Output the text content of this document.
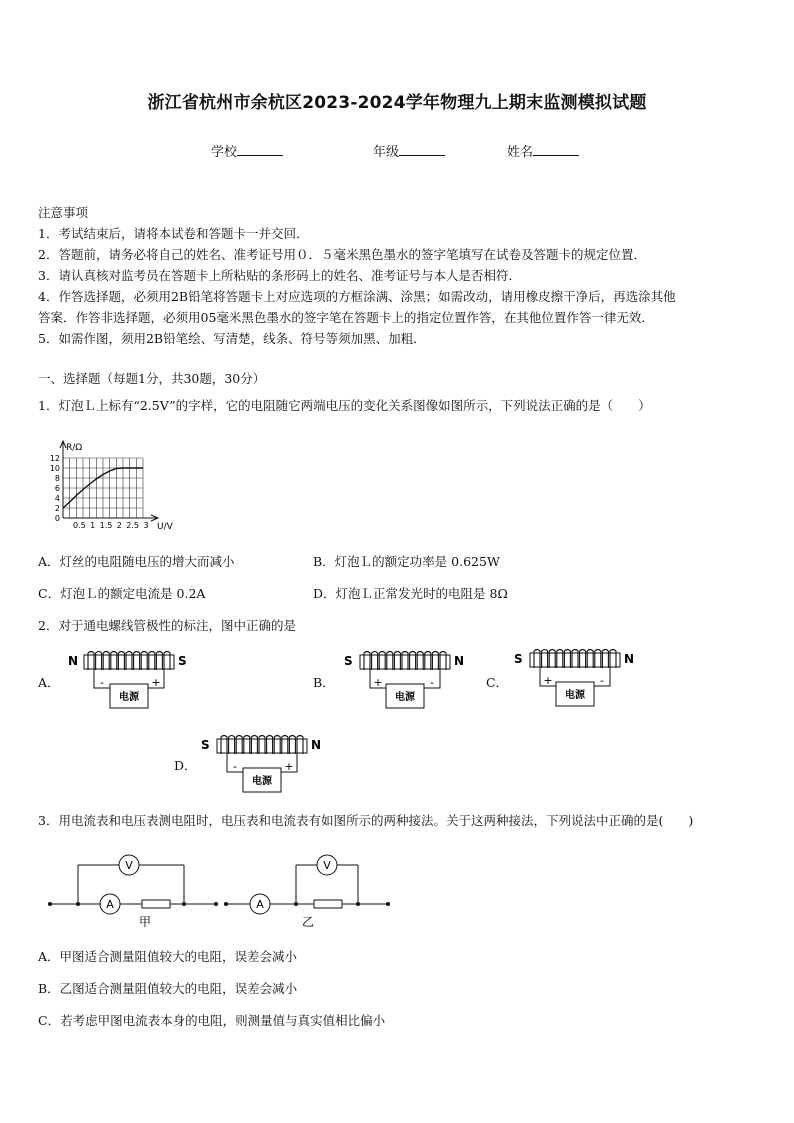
浙江省杭州市余杭区2023-2024学年物理九上期末监测模拟试题
学校	年级	姓名
注意事项
1．考试结束后，请将本试卷和答题卡一并交回．
2．答题前，请务必将自己的姓名、准考证号用０．５毫米黑色墨水的签字笔填写在试卷及答题卡的规定位置．
3．请认真核对监考员在答题卡上所粘贴的条形码上的姓名、准考证号与本人是否相符．
4．作答选择题，必须用2B铅笔将答题卡上对应选项的方框涂满、涂黑；如需改动，请用橡皮擦干净后，再选涂其他
答案．作答非选择题，必须用05毫米黑色墨水的签字笔在答题卡上的指定位置作答，在其他位置作答一律无效．
5．如需作图，须用2B铅笔绘、写清楚，线条、符号等须加黑、加粗．
一、选择题（每题1分，共30题，30分）
1．灯泡Ｌ上标有“2.5V”的字样，它的电阻随它两端电压的变化关系图像如图所示，下列说法正确的是（　　）
0
2
4
6
8
10
12
0.5 1 1.5 2 2.5 3
R/Ω
U/V
A．灯丝的电阻随电压的增大而减小	B．灯泡Ｌ的额定功率是 0.625W
C．灯泡Ｌ的额定电流是 0.2A	D．灯泡Ｌ正常发光时的电阻是 8Ω
2．对于通电螺线管极性的标注，图中正确的是
A．	B．	C．
D．
N	S
电源
-	+
S	N
电源
+	-
S	N
电源
+	-
S	N
电源
-	+
3．用电流表和电压表测电阻时，电压表和电流表有如图所示的两种接法。关于这两种接法，下列说法中正确的是(　　)
A
V
甲
A
V
乙
A．甲图适合测量阻值较大的电阻，误差会减小
B．乙图适合测量阻值较大的电阻，误差会减小
C．若考虑甲图电流表本身的电阻，则测量值与真实值相比偏小
